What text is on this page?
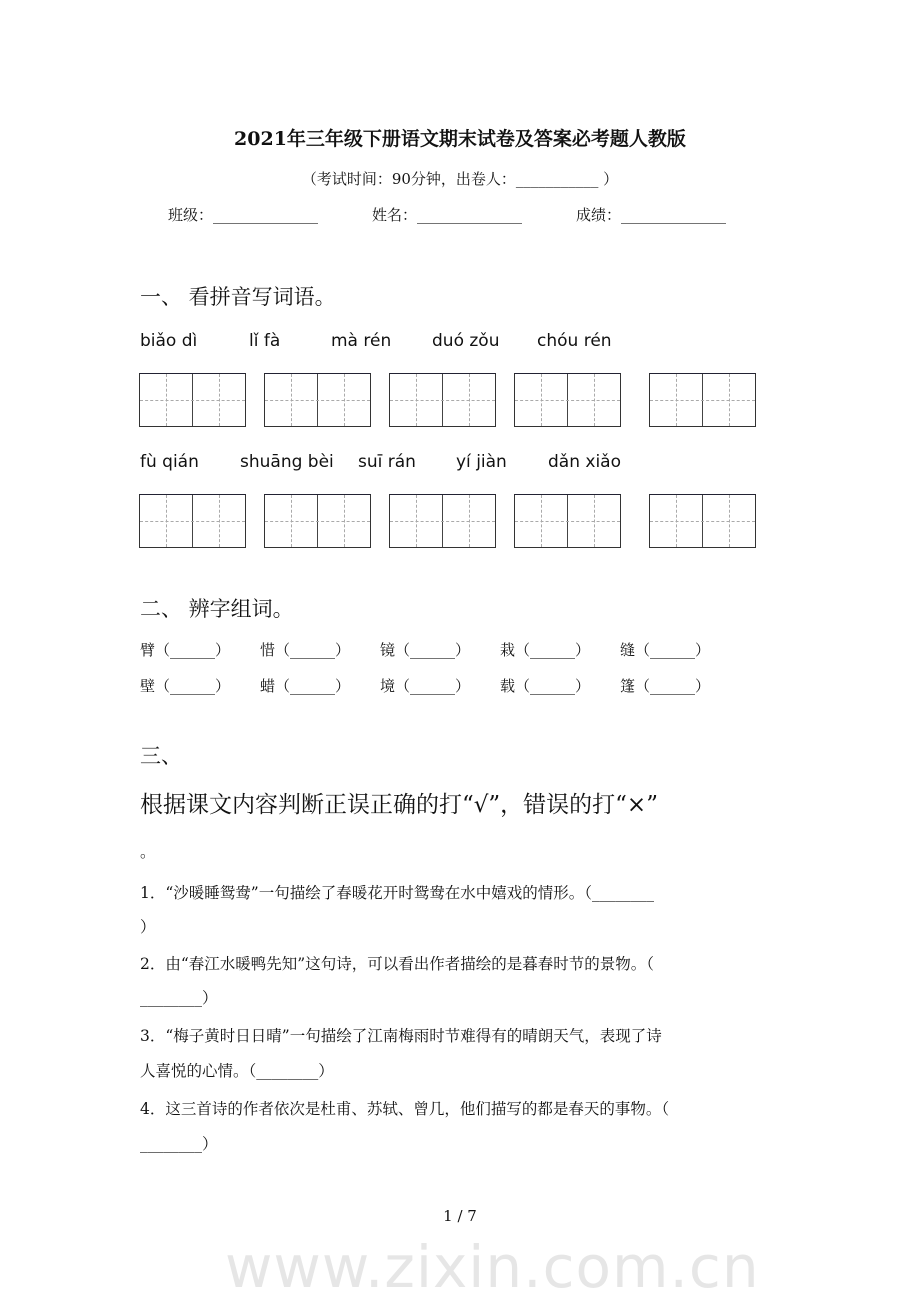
www.zixin.com.cn
2021年三年级下册语文期末试卷及答案必考题人教版
（考试时间：90分钟，出卷人：___________ ）
班级：______________	姓名：______________	成绩：______________
一、 看拼音写词语。
biǎo dì	lǐ fà	mà rén duó zǒu chóu rén
fù qián shuāng bèi suī rán yí jiàn dǎn xiǎo
二、 辨字组词。
臂（______） 惜（______） 镜（______） 栽（______） 缝（______）
壁（______） 蜡（______） 境（______） 载（______） 篷（______）
三、
根据课文内容判断正误正确的打“√”，错误的打“×”
。
1．“沙暖睡鸳鸯”一句描绘了春暖花开时鸳鸯在水中嬉戏的情形。（________
）
2．由“春江水暖鸭先知”这句诗，可以看出作者描绘的是暮春时节的景物。（
________）
3．“梅子黄时日日晴”一句描绘了江南梅雨时节难得有的晴朗天气，表现了诗
人喜悦的心情。（________）
4．这三首诗的作者依次是杜甫、苏轼、曾几，他们描写的都是春天的事物。（
________）
1 / 7
